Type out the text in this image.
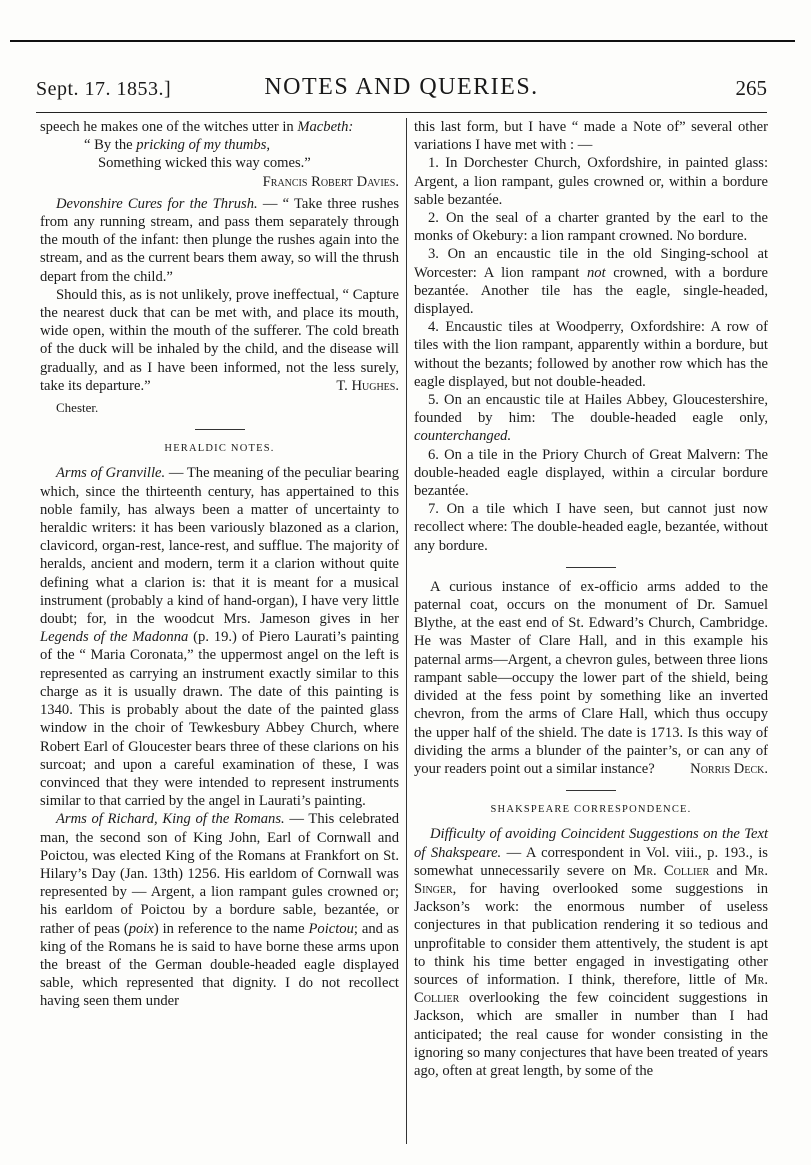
Sept. 17. 1853.]	NOTES AND QUERIES.	265

speech he makes one of the witches utter in Macbeth:

“ By the pricking of my thumbs,

Something wicked this way comes.”

Francis Robert Davies.

Devonshire Cures for the Thrush. — “ Take three rushes from any running stream, and pass them separately through the mouth of the infant: then plunge the rushes again into the stream, and as the current bears them away, so will the thrush depart from the child.”

Should this, as is not unlikely, prove ineffectual, “ Capture the nearest duck that can be met with, and place its mouth, wide open, within the mouth of the sufferer. The cold breath of the duck will be inhaled by the child, and the disease will gradually, and as I have been informed, not the less surely, take its departure.”	T. Hughes.

Chester.

HERALDIC NOTES.

Arms of Granville. — The meaning of the peculiar bearing which, since the thirteenth century, has appertained to this noble family, has always been a matter of uncertainty to heraldic writers: it has been variously blazoned as a clarion, clavicord, organ-rest, lance-rest, and sufflue. The majority of heralds, ancient and modern, term it a clarion without quite defining what a clarion is: that it is meant for a musical instrument (probably a kind of hand-organ), I have very little doubt; for, in the woodcut Mrs. Jameson gives in her Legends of the Madonna (p. 19.) of Piero Laurati’s painting of the “ Maria Coronata,” the uppermost angel on the left is represented as carrying an instrument exactly similar to this charge as it is usually drawn. The date of this painting is 1340. This is probably about the date of the painted glass window in the choir of Tewkesbury Abbey Church, where Robert Earl of Gloucester bears three of these clarions on his surcoat; and upon a careful examination of these, I was convinced that they were intended to represent instruments similar to that carried by the angel in Laurati’s painting.

Arms of Richard, King of the Romans. — This celebrated man, the second son of King John, Earl of Cornwall and Poictou, was elected King of the Romans at Frankfort on St. Hilary’s Day (Jan. 13th) 1256. His earldom of Cornwall was represented by — Argent, a lion rampant gules crowned or; his earldom of Poictou by a bordure sable, bezantée, or rather of peas (poix) in reference to the name Poictou; and as king of the Romans he is said to have borne these arms upon the breast of the German double-headed eagle displayed sable, which represented that dignity. I do not recollect having seen them under

this last form, but I have “ made a Note of” several other variations I have met with : —

1. In Dorchester Church, Oxfordshire, in painted glass: Argent, a lion rampant, gules crowned or, within a bordure sable bezantée.

2. On the seal of a charter granted by the earl to the monks of Okebury: a lion rampant crowned. No bordure.

3. On an encaustic tile in the old Singing-school at Worcester: A lion rampant not crowned, with a bordure bezantée. Another tile has the eagle, single-headed, displayed.

4. Encaustic tiles at Woodperry, Oxfordshire: A row of tiles with the lion rampant, apparently within a bordure, but without the bezants; followed by another row which has the eagle displayed, but not double-headed.

5. On an encaustic tile at Hailes Abbey, Gloucestershire, founded by him: The double-headed eagle only, counterchanged.

6. On a tile in the Priory Church of Great Malvern: The double-headed eagle displayed, within a circular bordure bezantée.

7. On a tile which I have seen, but cannot just now recollect where: The double-headed eagle, bezantée, without any bordure.

A curious instance of ex-officio arms added to the paternal coat, occurs on the monument of Dr. Samuel Blythe, at the east end of St. Edward’s Church, Cambridge. He was Master of Clare Hall, and in this example his paternal arms—Argent, a chevron gules, between three lions rampant sable—occupy the lower part of the shield, being divided at the fess point by something like an inverted chevron, from the arms of Clare Hall, which thus occupy the upper half of the shield. The date is 1713. Is this way of dividing the arms a blunder of the painter’s, or can any of your readers point out a similar instance?	Norris Deck.

SHAKSPEARE CORRESPONDENCE.

Difficulty of avoiding Coincident Suggestions on the Text of Shakspeare. — A correspondent in Vol. viii., p. 193., is somewhat unnecessarily severe on Mr. Collier and Mr. Singer, for having overlooked some suggestions in Jackson’s work: the enormous number of useless conjectures in that publication rendering it so tedious and unprofitable to consider them attentively, the student is apt to think his time better engaged in investigating other sources of information. I think, therefore, little of Mr. Collier overlooking the few coincident suggestions in Jackson, which are smaller in number than I had anticipated; the real cause for wonder consisting in the ignoring so many conjectures that have been treated of years ago, often at great length, by some of the
